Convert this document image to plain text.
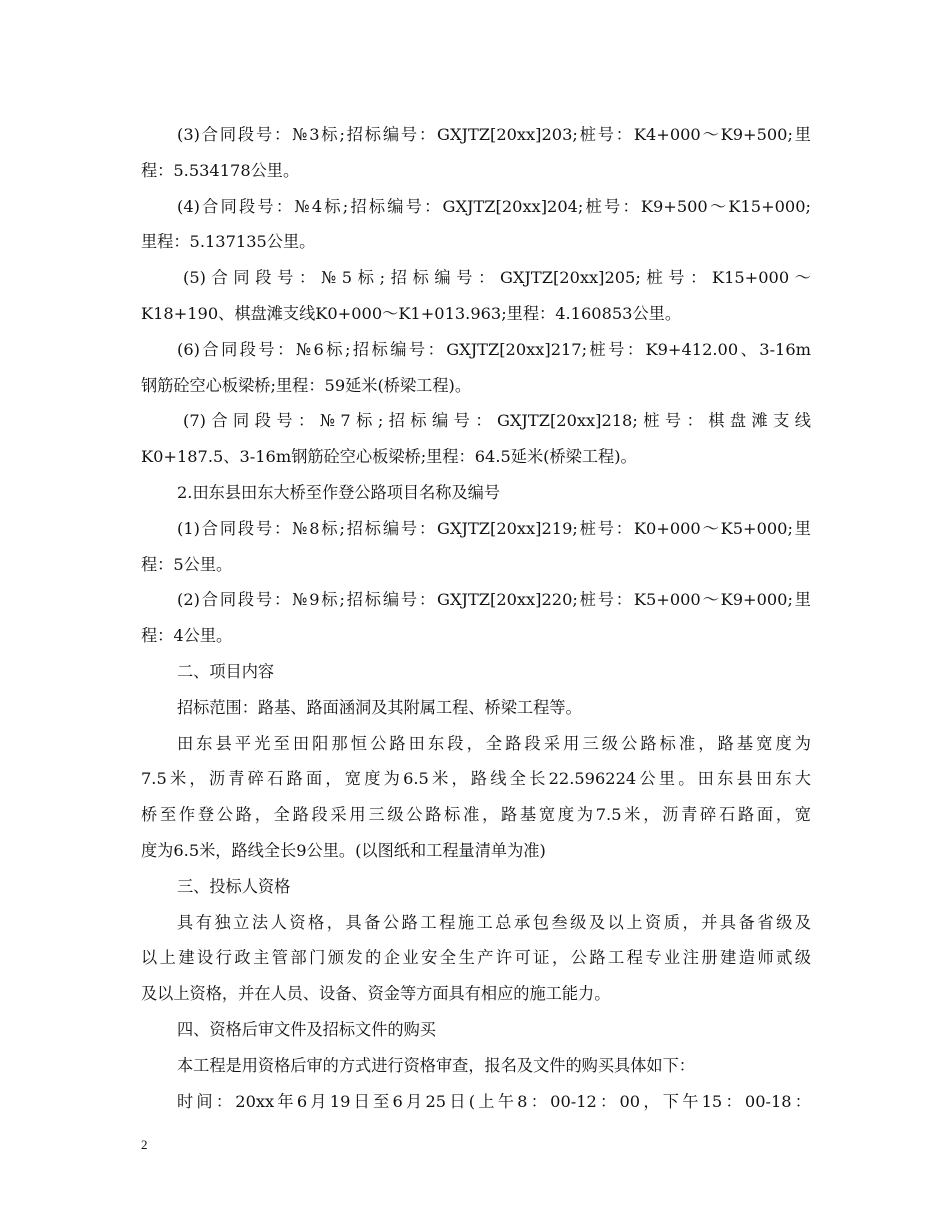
(3)合同段号：№3标;招标编号：GXJTZ[20xx]203;桩号：K4+000～K9+500;里
程：5.534178公里。
(4)合同段号：№4标;招标编号：GXJTZ[20xx]204;桩号：K9+500～K15+000;
里程：5.137135公里。
(5)合同段号：№5标;招标编号：GXJTZ[20xx]205;桩号：K15+000～
K18+190、棋盘滩支线K0+000～K1+013.963;里程：4.160853公里。
(6)合同段号：№6标;招标编号：GXJTZ[20xx]217;桩号：K9+412.00、3-16m
钢筋砼空心板梁桥;里程：59延米(桥梁工程)。
(7)合同段号：№7标;招标编号：GXJTZ[20xx]218;桩号：棋盘滩支线
K0+187.5、3-16m钢筋砼空心板梁桥;里程：64.5延米(桥梁工程)。
2.田东县田东大桥至作登公路项目名称及编号
(1)合同段号：№8标;招标编号：GXJTZ[20xx]219;桩号：K0+000～K5+000;里
程：5公里。
(2)合同段号：№9标;招标编号：GXJTZ[20xx]220;桩号：K5+000～K9+000;里
程：4公里。
二、项目内容
招标范围：路基、路面涵洞及其附属工程、桥梁工程等。
田东县平光至田阳那恒公路田东段，全路段采用三级公路标准，路基宽度为
7.5米，沥青碎石路面，宽度为6.5米，路线全长22.596224公里。田东县田东大
桥至作登公路，全路段采用三级公路标准，路基宽度为7.5米，沥青碎石路面，宽
度为6.5米，路线全长9公里。(以图纸和工程量清单为准)
三、投标人资格
具有独立法人资格，具备公路工程施工总承包叁级及以上资质，并具备省级及
以上建设行政主管部门颁发的企业安全生产许可证，公路工程专业注册建造师贰级
及以上资格，并在人员、设备、资金等方面具有相应的施工能力。
四、资格后审文件及招标文件的购买
本工程是用资格后审的方式进行资格审查，报名及文件的购买具体如下：
时间：20xx年6月19日至6月25日(上午8：00-12：00，下午15：00-18：
2
